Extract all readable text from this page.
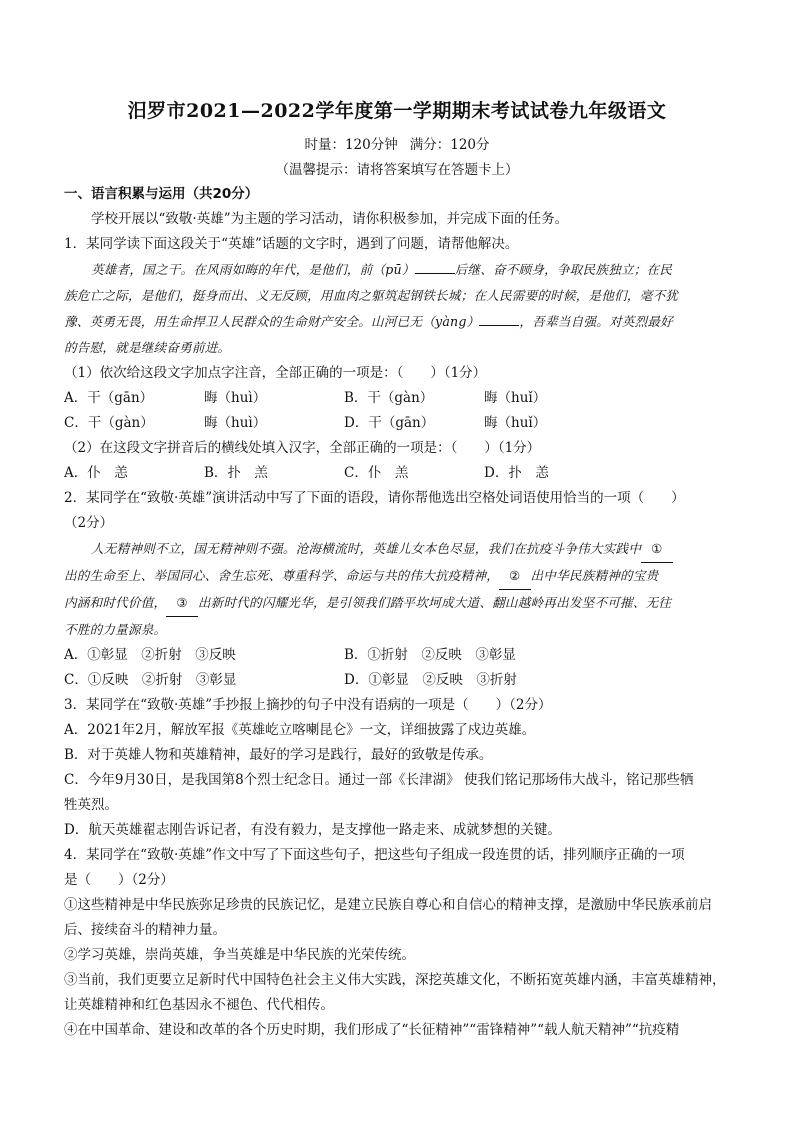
汨罗市2021—2022学年度第一学期期末考试试卷九年级语文
时量：120分钟 满分：120分
（温馨提示：请将答案填写在答题卡上）
一、语言积累与运用（共20分）
学校开展以“致敬·英雄”为主题的学习活动，请你积极参加，并完成下面的任务。
1．某同学读下面这段关于“英雄”话题的文字时，遇到了问题，请帮他解决。
英雄者，国之干。在风雨如晦的年代，是他们，前（pū）	后继、奋不顾身，争取民族独立；在民
族危亡之际，是他们，挺身而出、义无反顾，用血肉之躯筑起钢铁长城；在人民需要的时候，是他们，毫不犹
豫、英勇无畏，用生命捍卫人民群众的生命财产安全。山河已无（yàng）	，吾辈当自强。对英烈最好
的告慰，就是继续奋勇前进。
（1）依次给这段文字加点字注音，全部正确的一项是：（　　）（1分）
A．干（gān）	晦（huì）	B．干（gàn）	晦（huǐ）
C．干（gàn）	晦（huì）	D．干（gān）	晦（huǐ）
（2）在这段文字拼音后的横线处填入汉字，全部正确的一项是：（　　）（1分）
A．仆　恙	B．扑　羔	C．仆　羔	D．扑　恙
2．某同学在“致敬·英雄”演讲活动中写了下面的语段，请你帮他选出空格处词语使用恰当的一项（　　）
（2分）
人无精神则不立，国无精神则不强。沧海横流时，英雄儿女本色尽显，我们在抗疫斗争伟大实践中 ①
出的生命至上、举国同心、舍生忘死、尊重科学、命运与共的伟大抗疫精神， ② 出中华民族精神的宝贵
内涵和时代价值， ③ 出新时代的闪耀光华，是引领我们踏平坎坷成大道、翻山越岭再出发坚不可摧、无往
不胜的力量源泉。
A．①彰显　②折射　③反映	B．①折射　②反映　③彰显
C．①反映　②折射　③彰显	D．①彰显　②反映　③折射
3．某同学在“致敬·英雄”手抄报上摘抄的句子中没有语病的一项是（　　）（2分）
A．2021年2月，解放军报《英雄屹立喀喇昆仑》一文，详细披露了戍边英雄。
B．对于英雄人物和英雄精神，最好的学习是践行，最好的致敬是传承。
C．今年9月30日，是我国第8个烈士纪念日。通过一部《长津湖》 使我们铭记那场伟大战斗，铭记那些牺
牲英烈。
D．航天英雄翟志刚告诉记者，有没有毅力，是支撑他一路走来、成就梦想的关键。
4．某同学在“致敬·英雄”作文中写了下面这些句子，把这些句子组成一段连贯的话，排列顺序正确的一项
是（　　）（2分）
①这些精神是中华民族弥足珍贵的民族记忆，是建立民族自尊心和自信心的精神支撑，是激励中华民族承前启
后、接续奋斗的精神力量。
②学习英雄，崇尚英雄，争当英雄是中华民族的光荣传统。
③当前，我们更要立足新时代中国特色社会主义伟大实践，深挖英雄文化，不断拓宽英雄内涵，丰富英雄精神，
让英雄精神和红色基因永不褪色、代代相传。
④在中国革命、建设和改革的各个历史时期，我们形成了“长征精神”“雷锋精神”“载人航天精神”“抗疫精
